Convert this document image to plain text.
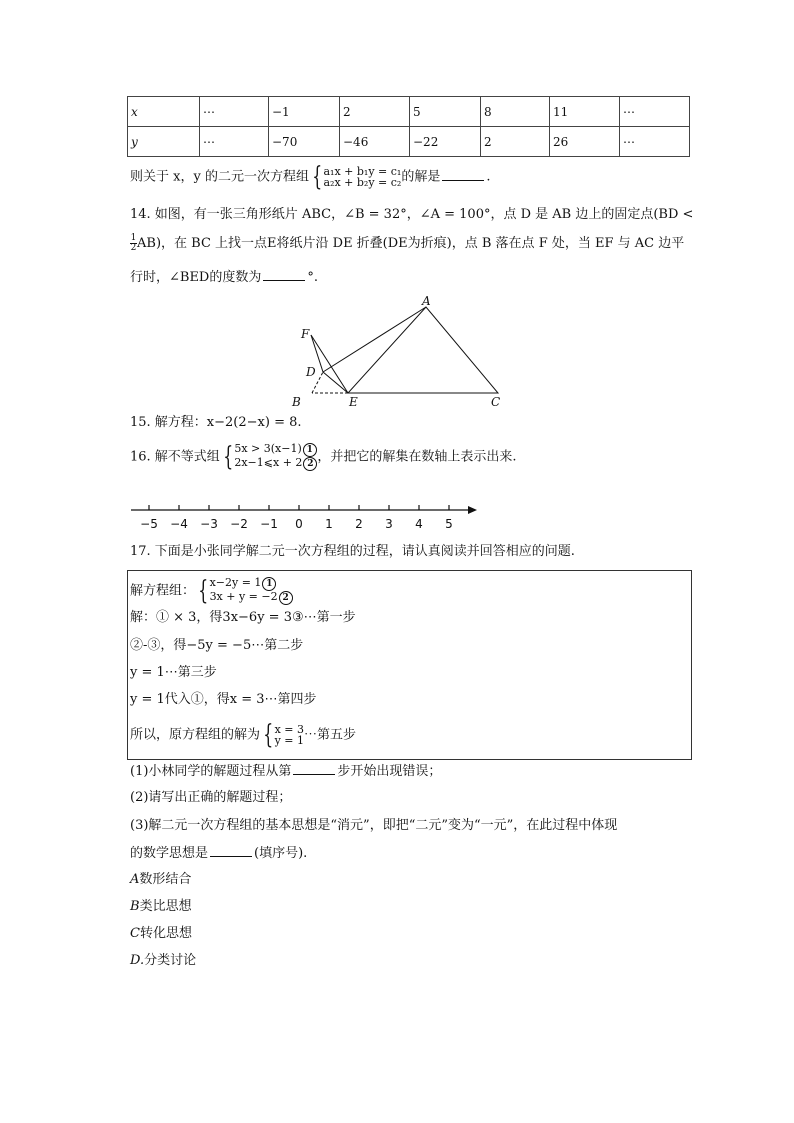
x	⋯	−1	2	5	8	11	⋯
y	⋯	−70	−46	−22	2	26	⋯
则关于 x，y 的二元一次方程组 { a₁x + b₁y = c₁
a₂x + b₂y = c₂ 的解是	.
14. 如图，有一张三角形纸片 ABC，∠B = 32°，∠A = 100°，点 D 是 AB 边上的固定点(BD <
$\frac{1}{2} AB$)，在 BC 上找一点E将纸片沿 DE 折叠(DE为折痕)，点 B 落在点 F 处，当 EF 与 AC 边平
行时，∠BED的度数为	°.
A
B	C
D
E
F
15. 解方程：x−2(2−x) = 8.
16. 解不等式组 { 5x > 3(x−1) 1
2x−1⩽x + 2 2 ，并把它的解集在数轴上表示出来.
−5 −4 −3 −2 −1 0 1 2 3 4 5
17. 下面是小张同学解二元一次方程组的过程，请认真阅读并回答相应的问题.
解方程组： { x−2y = 1 1
3x + y = −2 2
解：① × 3，得3x−6y = 3③⋯第一步
②-③，得−5y = −5⋯第二步
y = 1⋯第三步
y = 1代入①，得x = 3⋯第四步
所以，原方程组的解为 { x = 3
y = 1 ⋯第五步
(1)小林同学的解题过程从第	步开始出现错误；
(2)请写出正确的解题过程；
(3)解二元一次方程组的基本思想是“消元”，即把“二元”变为“一元”，在此过程中体现
的数学思想是	(填序号).
A数形结合
B类比思想
C转化思想
D.分类讨论
